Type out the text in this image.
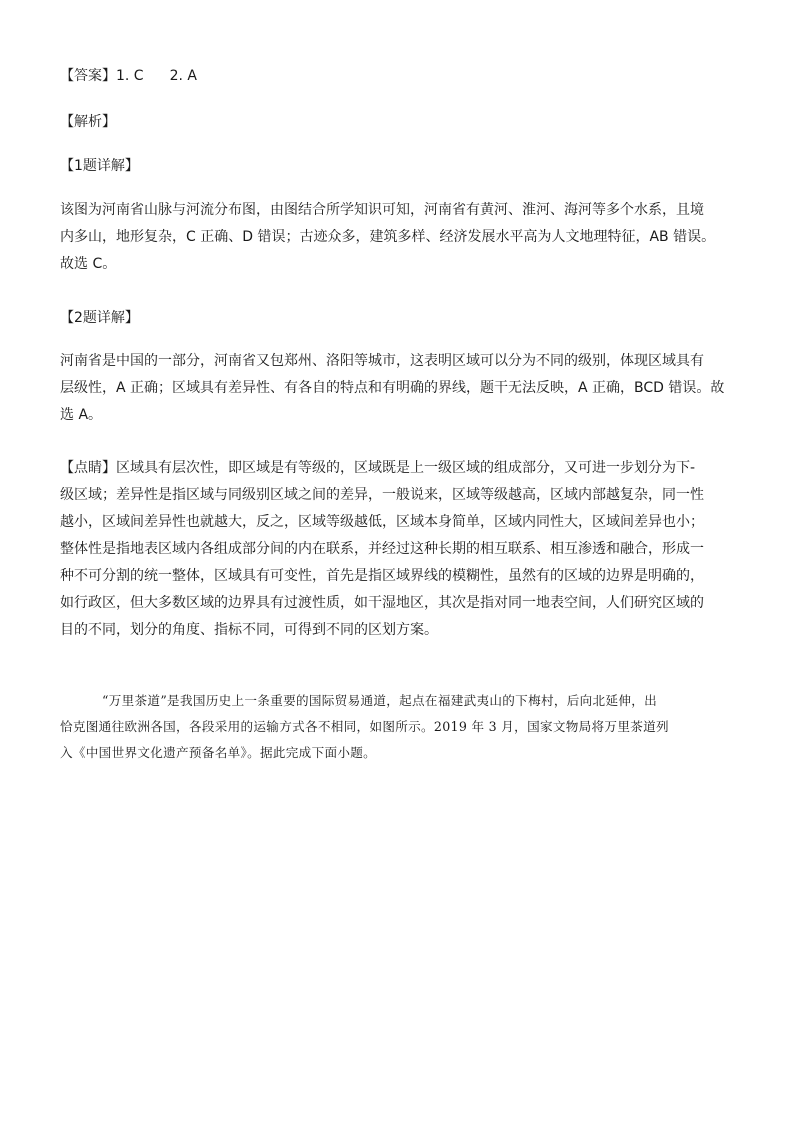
【答案】1. C 2. A
【解析】
【1题详解】
该图为河南省山脉与河流分布图，由图结合所学知识可知，河南省有黄河、淮河、海河等多个水系，且境
内多山，地形复杂，C 正确、D 错误；古迹众多，建筑多样、经济发展水平高为人文地理特征，AB 错误。
故选 C。
【2题详解】
河南省是中国的一部分，河南省又包郑州、洛阳等城市，这表明区域可以分为不同的级别，体现区域具有
层级性，A 正确；区域具有差异性、有各自的特点和有明确的界线，题干无法反映，A 正确，BCD 错误。故
选 A。
【点睛】区域具有层次性，即区域是有等级的，区域既是上一级区域的组成部分，又可进一步划分为下-
级区域；差异性是指区域与同级别区域之间的差异，一般说来，区域等级越高，区域内部越复杂，同一性
越小，区域间差异性也就越大，反之，区域等级越低，区域本身简单，区域内同性大，区域间差异也小；
整体性是指地表区域内各组成部分间的内在联系，并经过这种长期的相互联系、相互渗透和融合，形成一
种不可分割的统一整体，区域具有可变性，首先是指区域界线的模糊性，虽然有的区域的边界是明确的，
如行政区，但大多数区域的边界具有过渡性质，如干湿地区，其次是指对同一地表空间，人们研究区域的
目的不同，划分的角度、指标不同，可得到不同的区划方案。
“万里茶道”是我国历史上一条重要的国际贸易通道，起点在福建武夷山的下梅村，后向北延伸，出
恰克图通往欧洲各国，各段采用的运输方式各不相同，如图所示。2019 年 3 月，国家文物局将万里茶道列
入《中国世界文化遗产预备名单》。据此完成下面小题。
